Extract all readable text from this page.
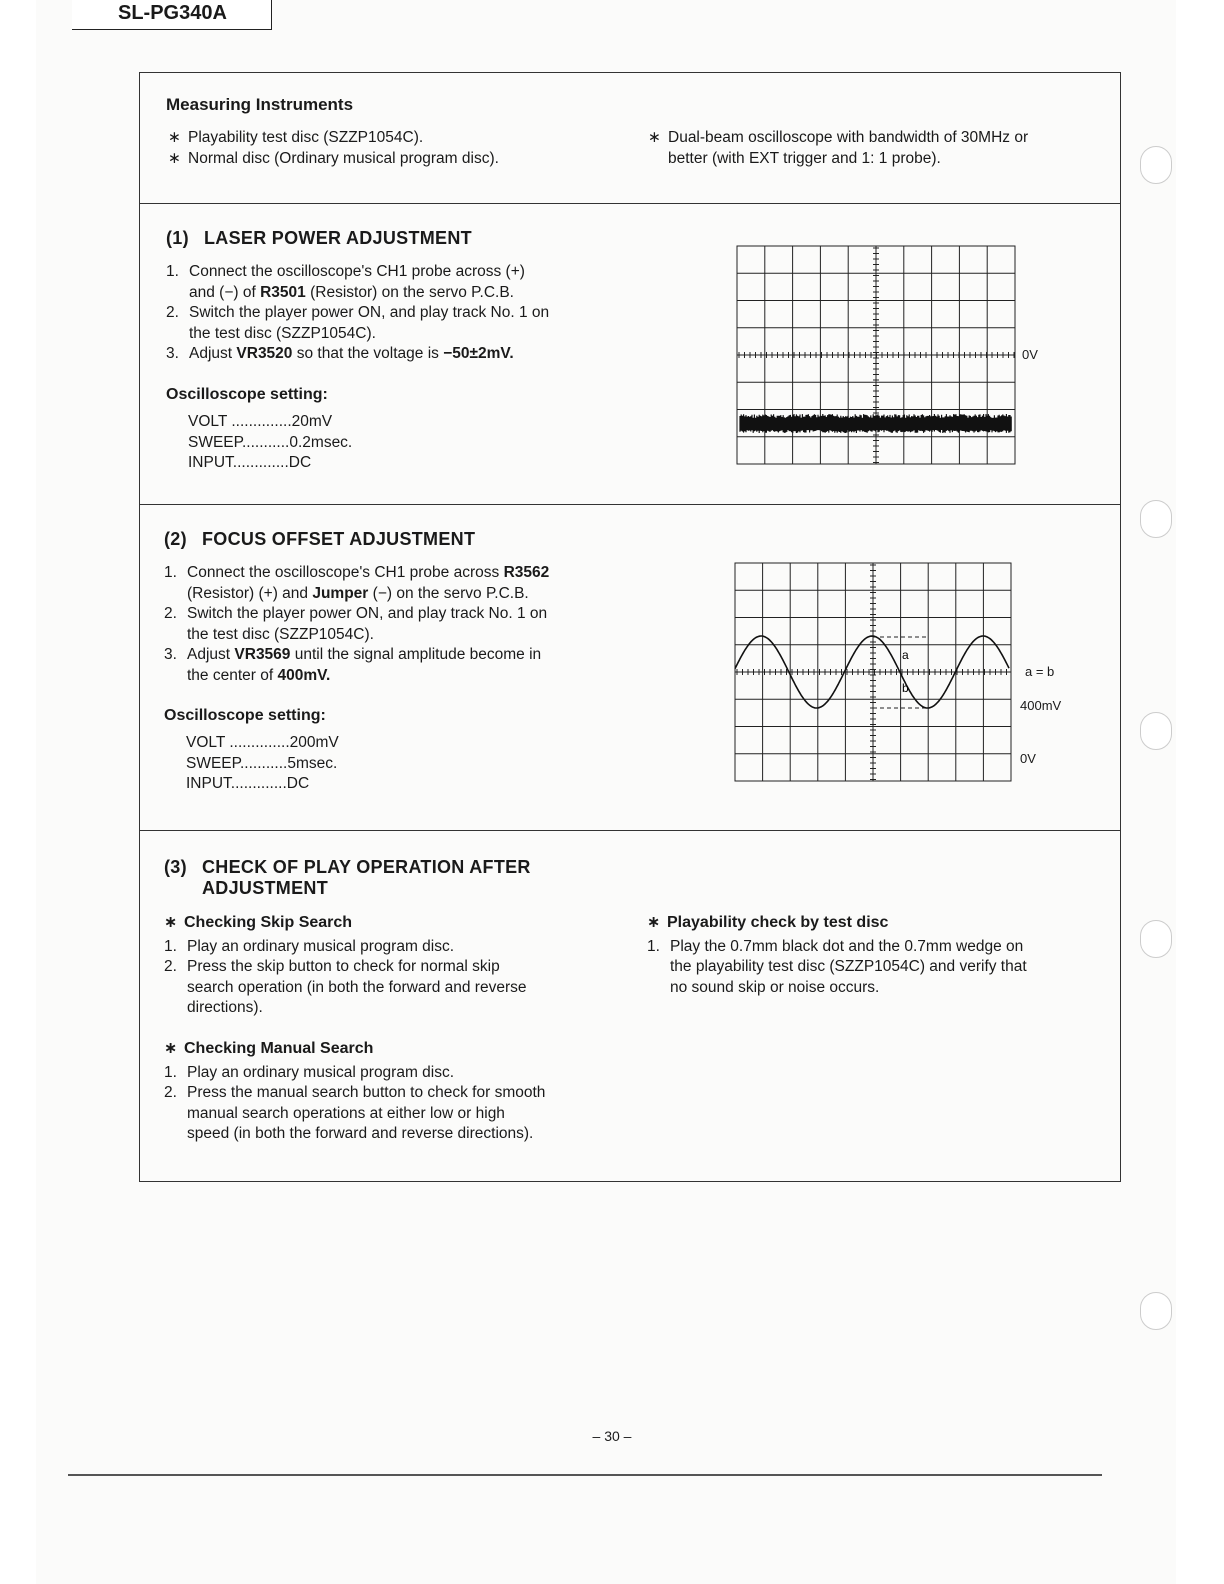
SL-PG340A
Measuring Instruments
∗ Playability test disc (SZZP1054C).
∗ Normal disc (Ordinary musical program disc).
∗ Dual-beam oscilloscope with bandwidth of 30MHz or
better (with EXT trigger and 1: 1 probe).
(1) LASER POWER ADJUSTMENT
1. Connect the oscilloscope's CH1 probe across (+)
and (−) of R3501 (Resistor) on the servo P.C.B.
2. Switch the player power ON, and play track No. 1 on
the test disc (SZZP1054C).
3. Adjust VR3520 so that the voltage is −50±2mV.
Oscilloscope setting:
VOLT ..............20mV
SWEEP...........0.2msec.
INPUT.............DC
0V
(2) FOCUS OFFSET ADJUSTMENT
1. Connect the oscilloscope's CH1 probe across R3562
(Resistor) (+) and Jumper (−) on the servo P.C.B.
2. Switch the player power ON, and play track No. 1 on
the test disc (SZZP1054C).
3. Adjust VR3569 until the signal amplitude become in
the center of 400mV.
Oscilloscope setting:
VOLT ..............200mV
SWEEP...........5msec.
INPUT.............DC
a
b
a = b
400mV
0V
(3) CHECK OF PLAY OPERATION AFTER
ADJUSTMENT
∗ Checking Skip Search
1. Play an ordinary musical program disc.
2. Press the skip button to check for normal skip
search operation (in both the forward and reverse
directions).
∗ Checking Manual Search
1. Play an ordinary musical program disc.
2. Press the manual search button to check for smooth
manual search operations at either low or high
speed (in both the forward and reverse directions).
∗ Playability check by test disc
1. Play the 0.7mm black dot and the 0.7mm wedge on
the playability test disc (SZZP1054C) and verify that
no sound skip or noise occurs.
– 30 –
